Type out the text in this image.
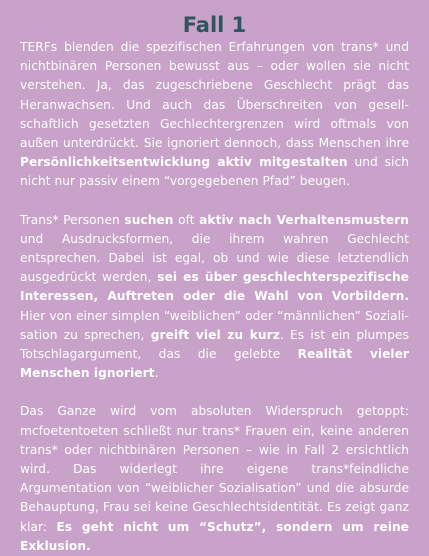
Fall 1

TERFs blenden die spezifischen Erfahrungen von trans* und nichtbinären Personen bewusst aus – oder wollen sie nicht verstehen. Ja, das zugeschriebene Geschlecht prägt das Heranwachsen. Und auch das Überschreiten von gesell-schaftlich gesetzten Gechlechtergrenzen wird oftmals von außen unterdrückt. Sie ignoriert dennoch, dass Menschen ihre Persönlichkeitsentwicklung aktiv mitgestalten und sich nicht nur passiv einem “vorgegebenen Pfad” beugen.

Trans* Personen suchen oft aktiv nach Verhaltensmustern und Ausdrucksformen, die ihrem wahren Gechlecht entsprechen. Dabei ist egal, ob und wie diese letztendlich ausgedrückt werden, sei es über geschlechterspezifische Interessen, Auftreten oder die Wahl von Vorbildern. Hier von einer simplen “weiblichen” oder “männlichen” Soziali-sation zu sprechen, greift viel zu kurz. Es ist ein plumpes Totschlagargument, das die gelebte Realität vieler Menschen ignoriert.

Das Ganze wird vom absoluten Widerspruch getoppt: mcfoetentoeten schließt nur trans* Frauen ein, keine anderen trans* oder nichtbinären Personen – wie in Fall 2 ersichtlich wird. Das widerlegt ihre eigene trans*feindliche Argumentation von “weiblicher Sozialisation” und die absurde Behauptung, Frau sei keine Geschlechtsidentität. Es zeigt ganz klar: Es geht nicht um “Schutz”, sondern um reine Exklusion.
